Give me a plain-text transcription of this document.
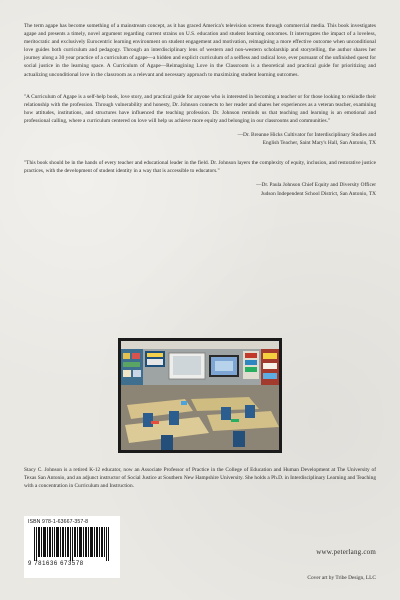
The term agape has become something of a mainstream concept, as it has graced America's television screens through commercial media. This book investigates agape and presents a timely, novel argument regarding current strains on U.S. education and student learning outcomes. It interrogates the impact of a loveless, meritocratic and exclusively Eurocentric learning environment on student engagement and motivation, reimagining a more effective outcome when unconditional love guides both curriculum and pedagogy. Through an interdisciplinary lens of western and non-western scholarship and storytelling, the author shares her journey along a 30 year practice of a curriculum of agape—a hidden and explicit curriculum of a selfless and radical love, ever pursuant of the unfinished quest for social justice in the learning space. A Curriculum of Agape—Reimagining Love in the Classroom is a theoretical and practical guide for prioritizing and actualizing unconditional love in the classroom as a relevant and necessary approach to maximizing student learning outcomes.

"A Curriculum of Agape is a self-help book, love story, and practical guide for anyone who is interested in becoming a teacher or for those looking to rekindle their relationship with the profession. Through vulnerability and honesty, Dr. Johnson connects to her reader and shares her experiences as a veteran teacher, examining how attitudes, institutions, and structures have influenced the teaching profession. Dr. Johnson reminds us that teaching and learning is an emotional and professional calling, where a curriculum centered on love will help us achieve more equity and belonging in our classrooms and communities."

—Dr. Breanne Hicks Cultivator for Interdisciplinary Studies and
English Teacher, Saint Mary's Hall, San Antonio, TX

"This book should be in the hands of every teacher and educational leader in the field. Dr. Johnson layers the complexity of equity, inclusion, and restorative justice practices, with the development of student identity in a way that is accessible to educators."

—Dr. Paula Johnson Chief Equity and Diversity Officer
Judson Independent School District, San Antonio, TX

Stacy C. Johnson is a retired K-12 educator, now an Associate Professor of Practice in the College of Education and Human Development at The University of Texas San Antonio, and an adjunct instructor of Social Justice at Southern New Hampshire University. She holds a Ph.D. in Interdisciplinary Learning and Teaching with a concentration in Curriculum and Instruction.

ISBN 978-1-63667-357-8
9 781636 673578
www.peterlang.com
Cover art by Tribe Design, LLC
